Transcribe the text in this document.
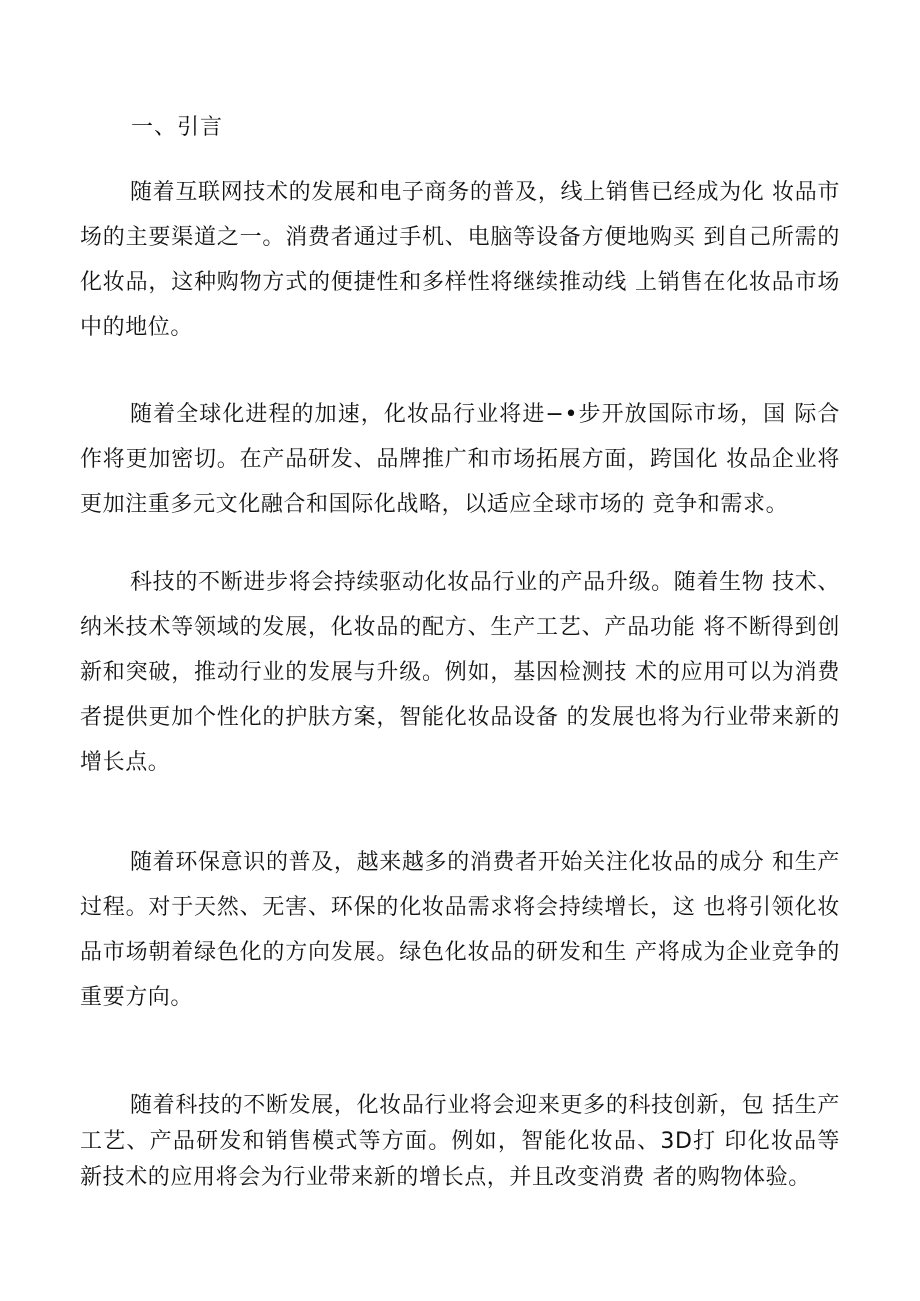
一、引言

随着互联网技术的发展和电子商务的普及，线上销售已经成为化 妆品市场的主要渠道之一。消费者通过手机、电脑等设备方便地购买 到自己所需的化妆品，这种购物方式的便捷性和多样性将继续推动线 上销售在化妆品市场中的地位。

随着全球化进程的加速，化妆品行业将进−•步开放国际市场，国 际合作将更加密切。在产品研发、品牌推广和市场拓展方面，跨国化 妆品企业将更加注重多元文化融合和国际化战略，以适应全球市场的 竞争和需求。

科技的不断进步将会持续驱动化妆品行业的产品升级。随着生物 技术、纳米技术等领域的发展，化妆品的配方、生产工艺、产品功能 将不断得到创新和突破，推动行业的发展与升级。例如，基因检测技 术的应用可以为消费者提供更加个性化的护肤方案，智能化妆品设备 的发展也将为行业带来新的增长点。

随着环保意识的普及，越来越多的消费者开始关注化妆品的成分 和生产过程。对于天然、无害、环保的化妆品需求将会持续增长，这 也将引领化妆品市场朝着绿色化的方向发展。绿色化妆品的研发和生 产将成为企业竞争的重要方向。

随着科技的不断发展，化妆品行业将会迎来更多的科技创新，包 括生产工艺、产品研发和销售模式等方面。例如，智能化妆品、3D打 印化妆品等新技术的应用将会为行业带来新的增长点，并且改变消费 者的购物体验。
